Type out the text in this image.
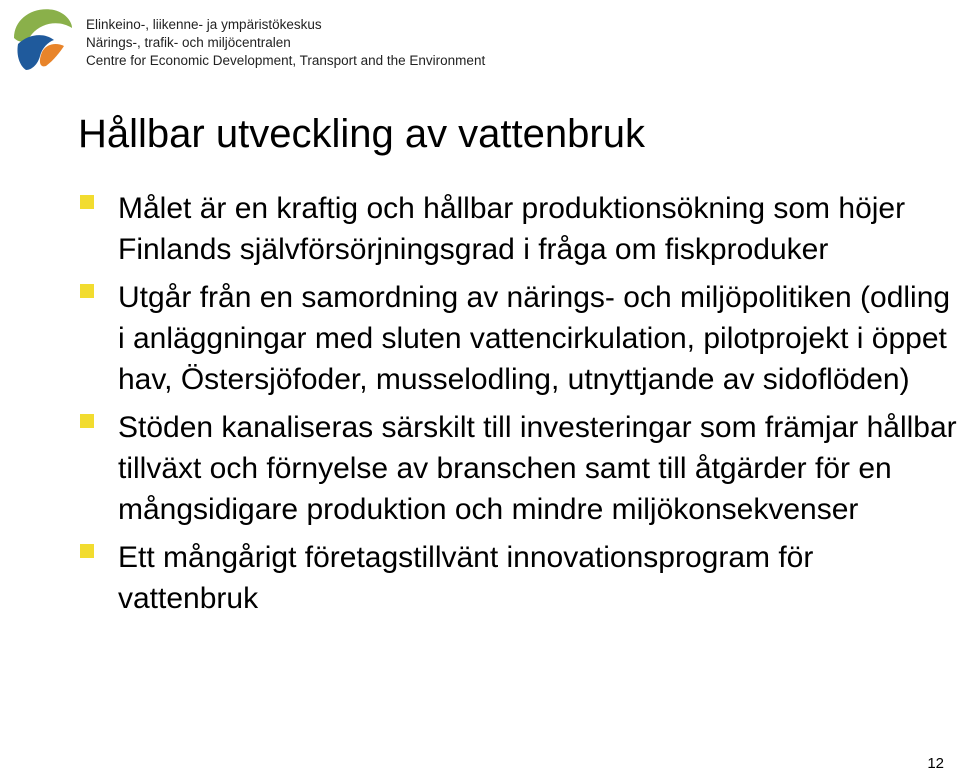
Elinkeino-, liikenne- ja ympäristökeskus
Närings-, trafik- och miljöcentralen
Centre for Economic Development, Transport and the Environment
Hållbar utveckling av vattenbruk
Målet är en kraftig och hållbar produktionsökning som höjer Finlands självförsörjningsgrad i fråga om fiskproduker
Utgår från en samordning av närings- och miljöpolitiken (odling i anläggningar med sluten vattencirkulation, pilotprojekt i öppet hav, Östersjöfoder, musselodling, utnyttjande av sidoflöden)
Stöden kanaliseras särskilt till investeringar som främjar hållbar tillväxt och förnyelse av branschen samt till åtgärder för en mångsidigare produktion och mindre miljökonsekvenser
Ett mångårigt företagstillvänt innovationsprogram för vattenbruk
12
